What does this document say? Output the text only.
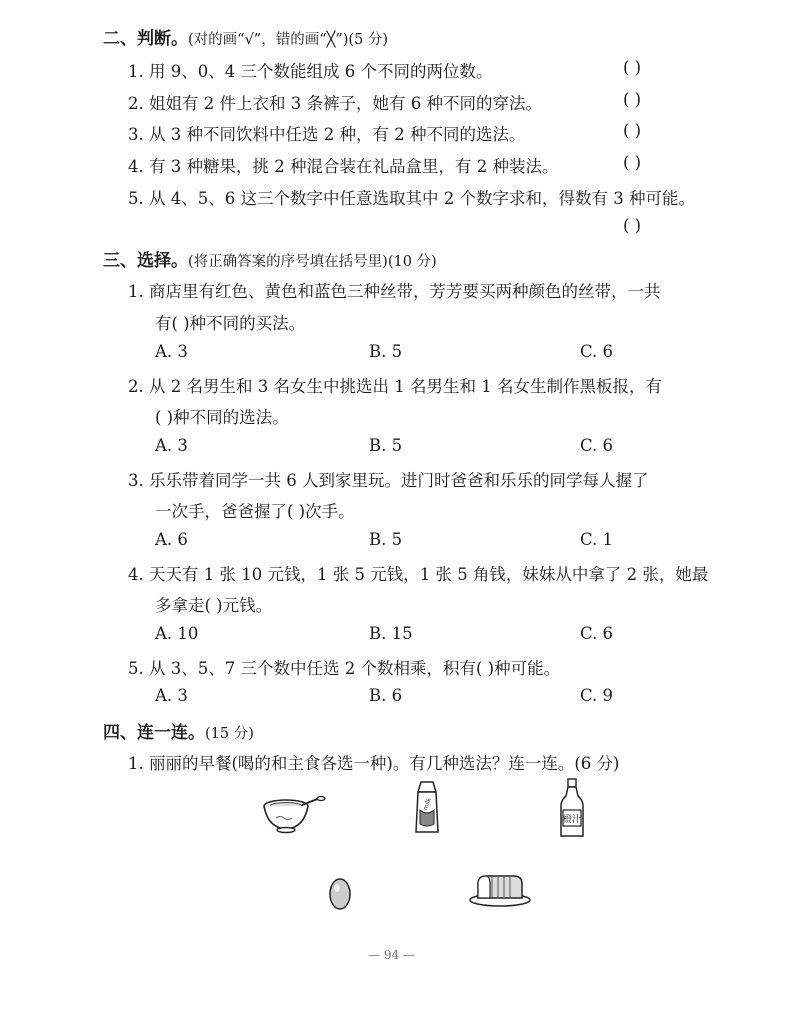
二、判断。(对的画“√”，错的画“╳”)(5 分)
1. 用 9、0、4 三个数能组成 6 个不同的两位数。	( )
2. 姐姐有 2 件上衣和 3 条裤子，她有 6 种不同的穿法。	( )
3. 从 3 种不同饮料中任选 2 种，有 2 种不同的选法。	( )
4. 有 3 种糖果，挑 2 种混合装在礼品盒里，有 2 种装法。	( )
5. 从 4、5、6 这三个数字中任意选取其中 2 个数字求和，得数有 3 种可能。
( )
三、选择。(将正确答案的序号填在括号里)(10 分)
1. 商店里有红色、黄色和蓝色三种丝带，芳芳要买两种颜色的丝带，一共
有( )种不同的买法。
A. 3	B. 5	C. 6
2. 从 2 名男生和 3 名女生中挑选出 1 名男生和 1 名女生制作黑板报，有
( )种不同的选法。
A. 3	B. 5	C. 6
3. 乐乐带着同学一共 6 人到家里玩。进门时爸爸和乐乐的同学每人握了
一次手，爸爸握了( )次手。
A. 6	B. 5	C. 1
4. 天天有 1 张 10 元钱，1 张 5 元钱，1 张 5 角钱，妹妹从中拿了 2 张，她最
多拿走( )元钱。
A. 10	B. 15	C. 6
5. 从 3、5、7 三个数中任选 2 个数相乘，积有( )种可能。
A. 3	B. 6	C. 9
四、连一连。(15 分)
1. 丽丽的早餐(喝的和主食各选一种)。有几种选法？连一连。(6 分)
milk
橙汁
— 94 —
